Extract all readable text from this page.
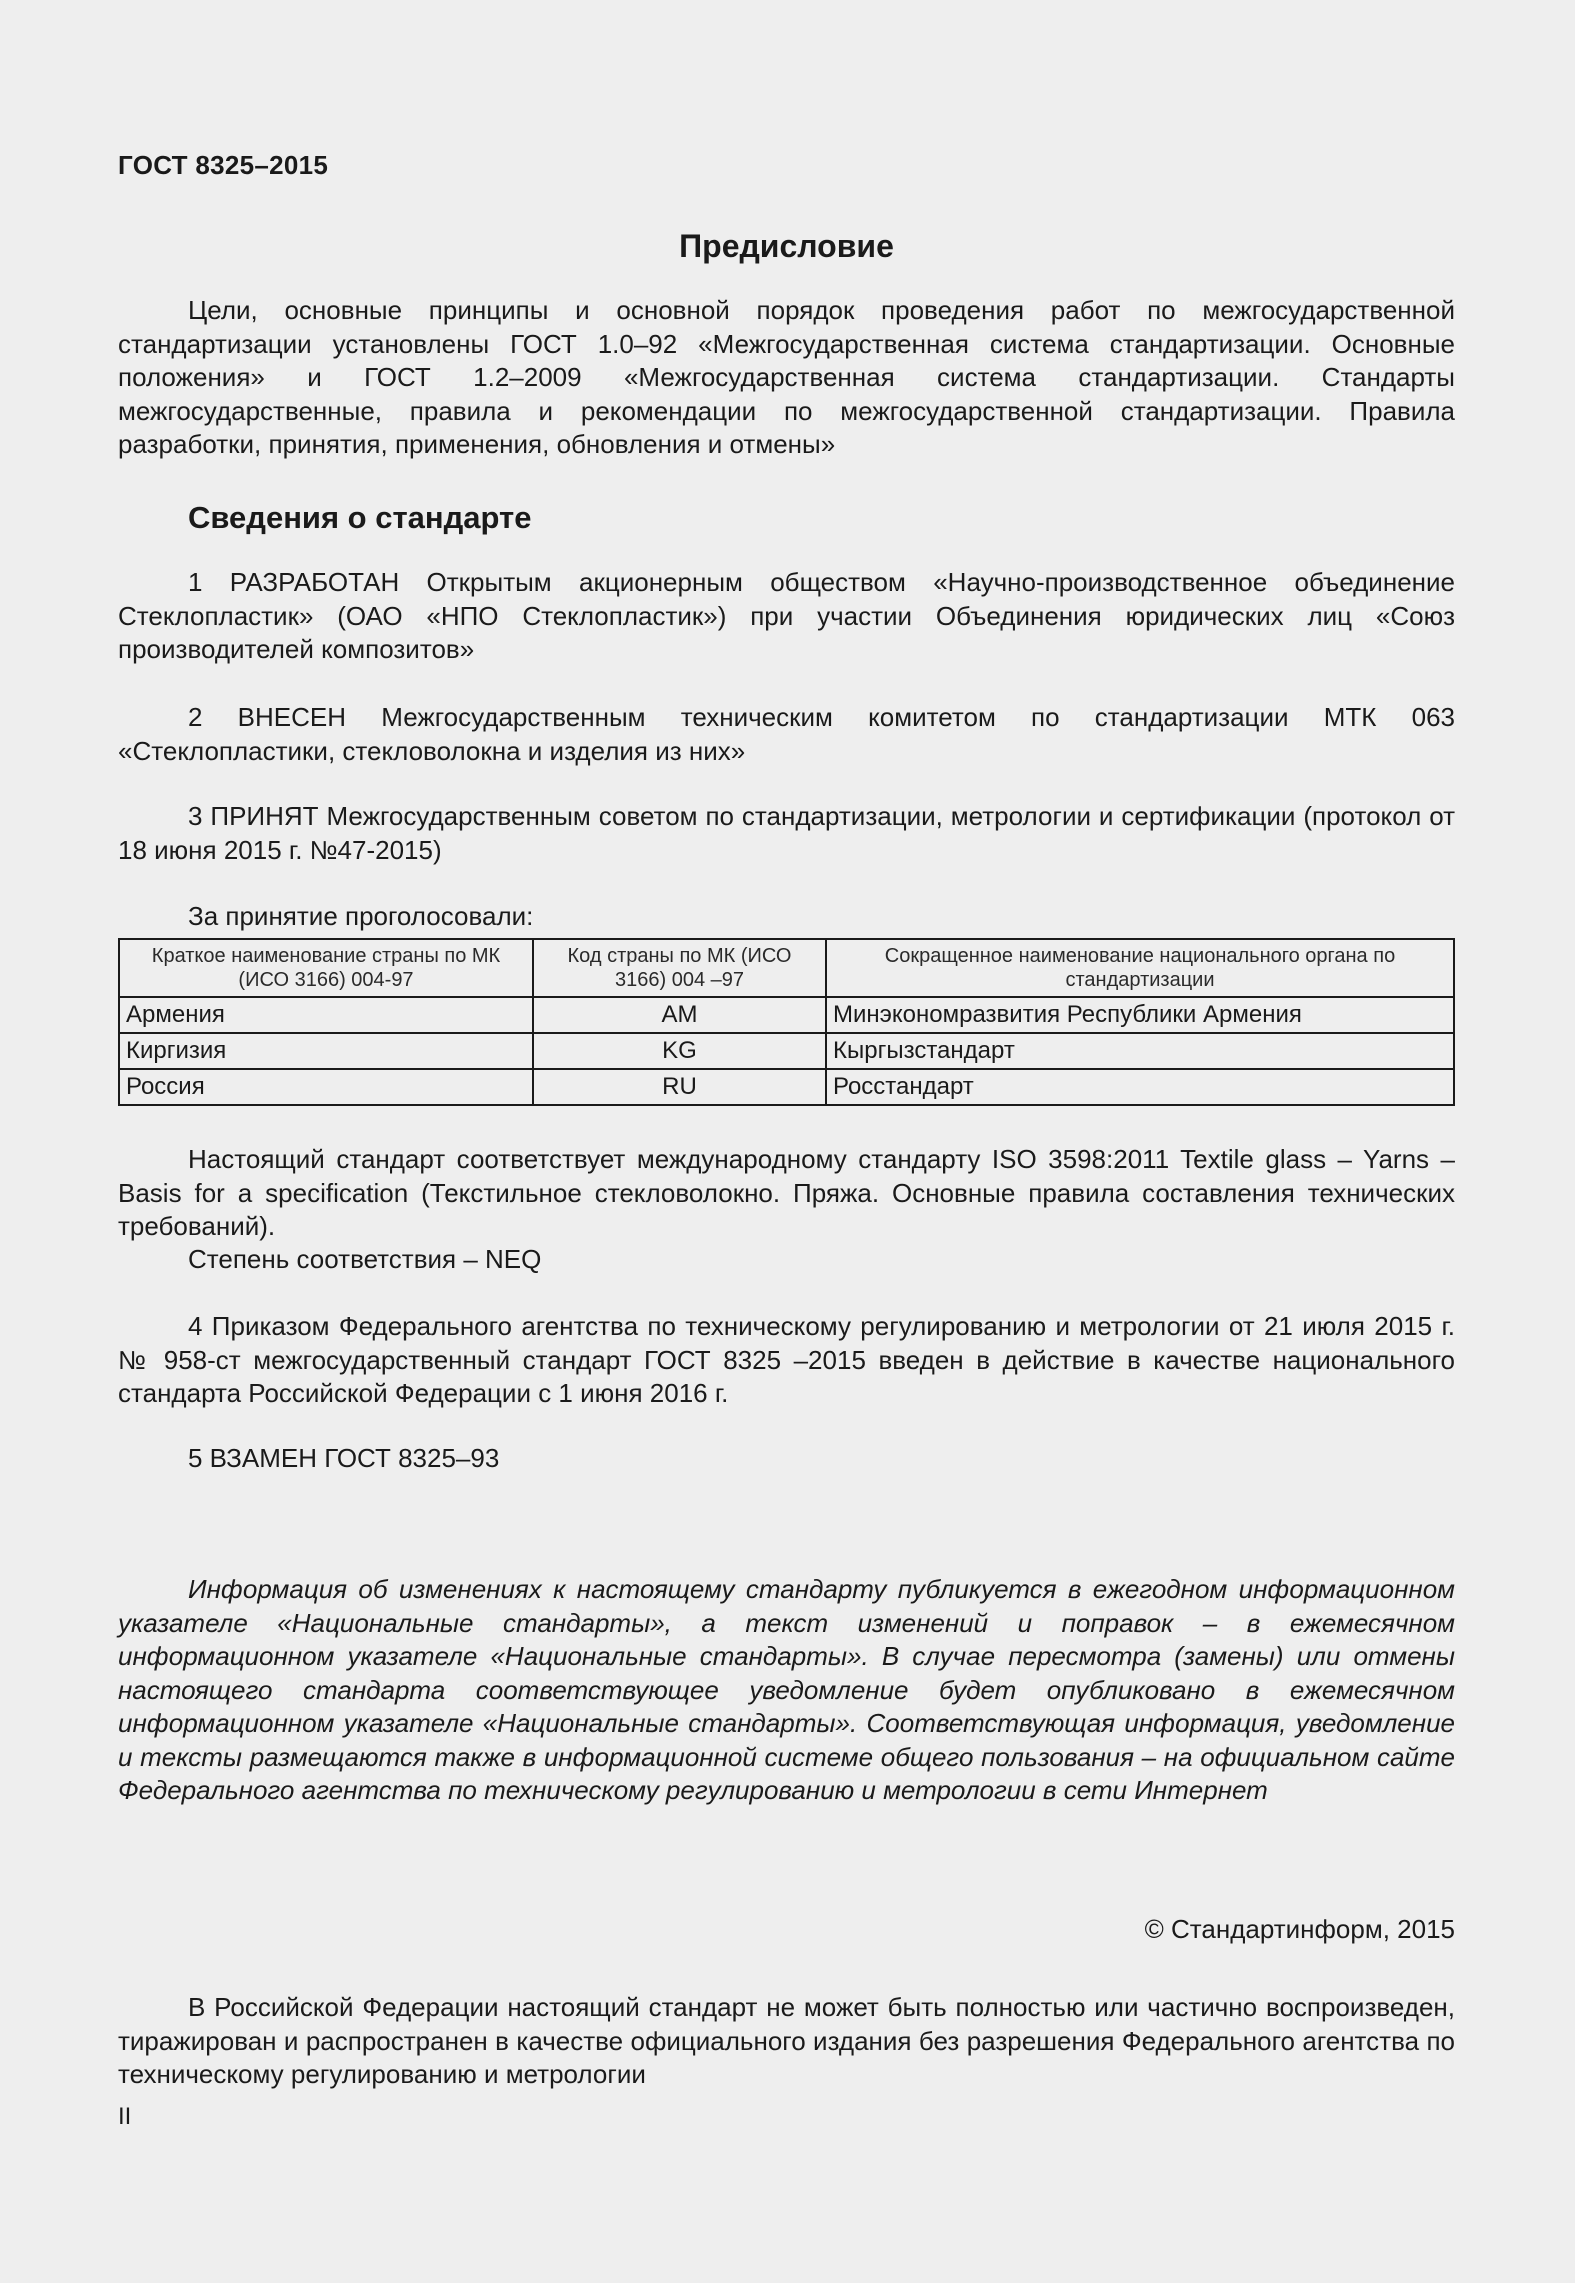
ГОСТ 8325–2015
Предисловие

Цели, основные принципы и основной порядок проведения работ по межгосударственной стандартизации установлены ГОСТ 1.0–92 «Межгосударственная система стандартизации. Основные положения» и ГОСТ 1.2–2009 «Межгосударственная система стандартизации. Стандарты межгосударственные, правила и рекомендации по межгосударственной стандартизации. Правила разработки, принятия, применения, обновления и отмены»

Сведения о стандарте

1 РАЗРАБОТАН Открытым акционерным обществом «Научно-производственное объединение Стеклопластик» (ОАО «НПО Стеклопластик») при участии Объединения юридических лиц «Союз производителей композитов»

2 ВНЕСЕН Межгосударственным техническим комитетом по стандартизации МТК 063 «Стеклопластики, стекловолокна и изделия из них»

3 ПРИНЯТ Межгосударственным советом по стандартизации, метрологии и сертификации (протокол от 18 июня 2015 г. №47-2015)

За принятие проголосовали:
Краткое наименование страны по МК (ИСО 3166) 004-97	Код страны по МК (ИСО 3166) 004 –97	Сокращенное наименование национального органа по стандартизации
Армения	AM	Минэкономразвития Республики Армения
Киргизия	KG	Кыргызстандарт
Россия	RU	Росстандарт

Настоящий стандарт соответствует международному стандарту ISO 3598:2011 Textile glass – Yarns – Basis for a specification (Текстильное стекловолокно. Пряжа. Основные правила составления технических требований).

Степень соответствия – NEQ

4 Приказом Федерального агентства по техническому регулированию и метрологии от 21 июля 2015 г. № 958-ст межгосударственный стандарт ГОСТ 8325 –2015 введен в действие в качестве национального стандарта Российской Федерации с 1 июня 2016 г.

5 ВЗАМЕН ГОСТ 8325–93

Информация об изменениях к настоящему стандарту публикуется в ежегодном информационном указателе «Национальные стандарты», а текст изменений и поправок – в ежемесячном информационном указателе «Национальные стандарты». В случае пересмотра (замены) или отмены настоящего стандарта соответствующее уведомление будет опубликовано в ежемесячном информационном указателе «Национальные стандарты». Соответствующая информация, уведомление и тексты размещаются также в информационной системе общего пользования – на официальном сайте Федерального агентства по техническому регулированию и метрологии в сети Интернет

© Стандартинформ, 2015

В Российской Федерации настоящий стандарт не может быть полностью или частично воспроизведен, тиражирован и распространен в качестве официального издания без разрешения Федерального агентства по техническому регулированию и метрологии

II
